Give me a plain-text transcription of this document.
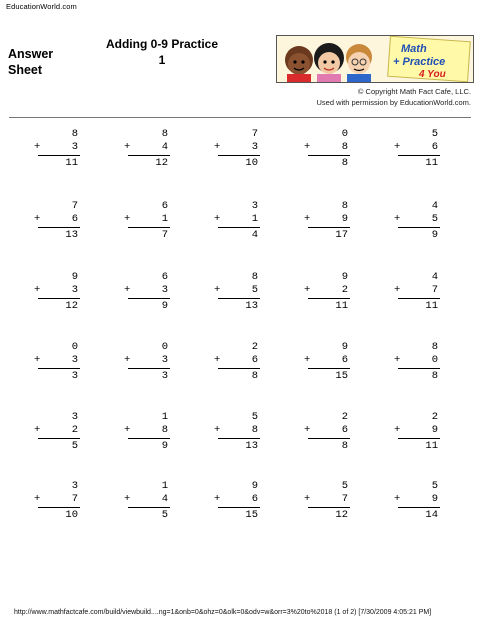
EducationWorld.com
Answer Sheet
Adding 0-9 Practice
1
Math
+ Practice
4 You
© Copyright Math Fact Cafe, LLC.
Used with permission by EducationWorld.com.
8
+	3
11
8
+	4
12
7
+	3
10
0
+	8
8
5
+	6
11
7
+	6
13
6
+	1
7
3
+	1
4
8
+	9
17
4
+	5
9
9
+	3
12
6
+	3
9
8
+	5
13
9
+	2
11
4
+	7
11
0
+	3
3
0
+	3
3
2
+	6
8
9
+	6
15
8
+	0
8
3
+	2
5
1
+	8
9
5
+	8
13
2
+	6
8
2
+	9
11
3
+	7
10
1
+	4
5
9
+	6
15
5
+	7
12
5
+	9
14
http://www.mathfactcafe.com/build/viewbuild....ng=1&onb=0&ohz=0&olk=0&odv=w&orr=3%20to%2018 (1 of 2) [7/30/2009 4:05:21 PM]
